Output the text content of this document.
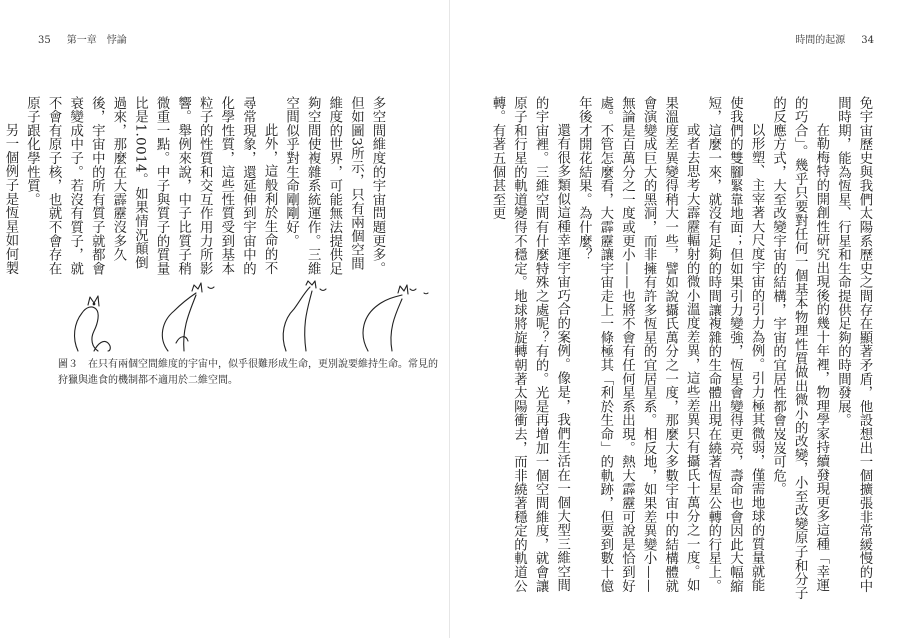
35 第一章 悖論

多空間維度的宇宙問題更多。但如圖3所示，只有兩個空間維度的世界，可能無法提供足夠空間使複雜系統運作。三維空間似乎對生命剛剛好。

此外，這般利於生命的不尋常現象，還延伸到宇宙中的化學性質，這些性質受到基本粒子的性質和交互作用力所影響。舉例來說，中子比質子稍微重一點。中子與質子的質量比是1.0014。如果情況顛倒過來，那麼在大霹靂沒多久後，宇宙中的所有質子就都會衰變成中子。若沒有質子，就不會有原子核，也就不會存在原子跟化學性質。

另一個例子是恆星如何製

圖３　在只有兩個空間維度的宇宙中，似乎很難形成生命，更別說要維持生命。常見的狩獵與進食的機制都不適用於二維空間。
時間的起源 34

免宇宙歷史與我們太陽系歷史之間存在顯著矛盾，他設想出一個擴張非常緩慢的中間時期，能為恆星、行星和生命提供足夠的時間發展。

在勒梅特的開創性研究出現後的幾十年裡，物理學家持續發現更多這種「幸運的巧合」。幾乎只要對任何一個基本物理性質做出微小的改變，小至改變原子和分子的反應方式，大至改變宇宙的結構，宇宙的宜居性都會岌岌可危。

以形塑、主宰著大尺度宇宙的引力為例。引力極其微弱，僅需地球的質量就能使我們的雙腳緊靠地面；但如果引力變強，恆星會變得更亮，壽命也會因此大幅縮短，這麼一來，就沒有足夠的時間讓複雜的生命體出現在繞著恆星公轉的行星上。

或者去思考大霹靂輻射的微小溫度差異，這些差異只有攝氏十萬分之一度。如果溫度差異變得稍大一些，譬如說攝氏萬分之一度，那麼大多數宇宙中的結構體就會演變成巨大的黑洞，而非擁有許多恆星的宜居星系。相反地，如果差異變小——無論是百萬分之一度或更小——也將不會有任何星系出現。熱大霹靂可說是恰到好處。不管怎麼看，大霹靂讓宇宙走上一條極其「利於生命」的軌跡，但要到數十億年後才開花結果。為什麼？

還有很多類似這種幸運宇宙巧合的案例。像是，我們生活在一個大型三維空間的宇宙裡。三維空間有什麼特殊之處呢？有的。光是再增加一個空間維度，就會讓原子和行星的軌道變得不穩定。地球將旋轉朝著太陽衝去，而非繞著穩定的軌道公轉。有著五個甚至更
